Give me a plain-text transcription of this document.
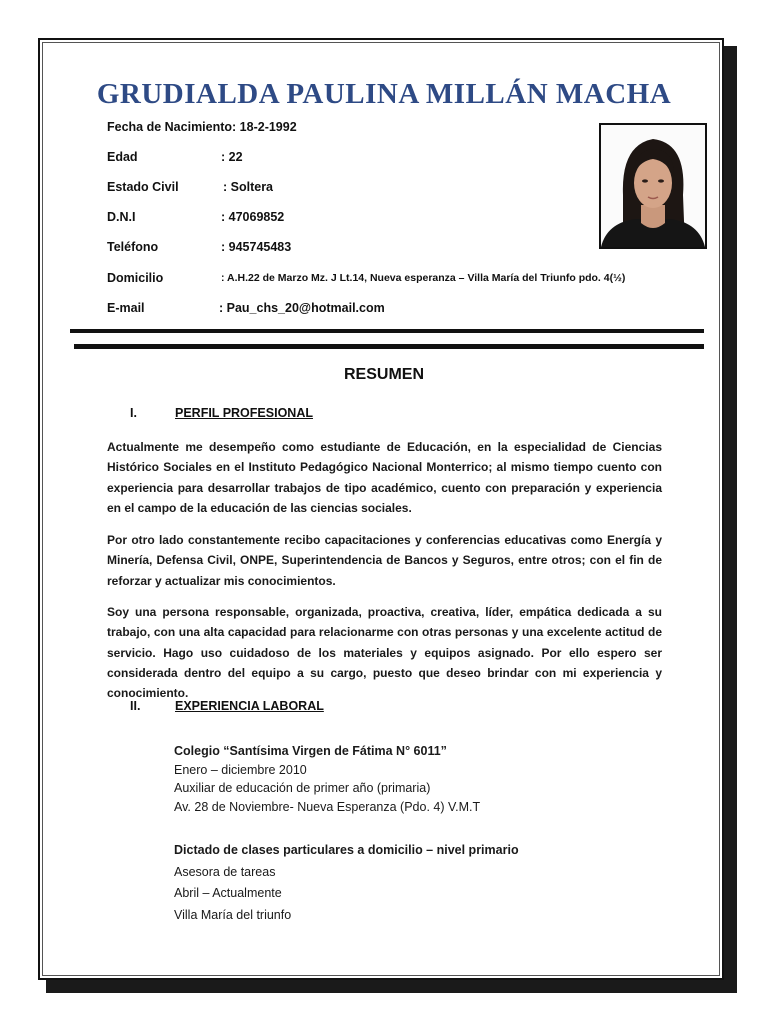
GRUDIALDA PAULINA MILLÁN MACHA
Fecha de Nacimiento: 18-2-1992
Edad	: 22
Estado Civil	: Soltera
D.N.I	: 47069852
Teléfono	: 945745483
Domicilio	: A.H.22 de Marzo Mz. J Lt.14, Nueva esperanza – Villa María del Triunfo pdo. 4(½)
E-mail	: Pau_chs_20@hotmail.com
RESUMEN
I.	PERFIL PROFESIONAL

Actualmente me desempeño como estudiante de Educación, en la especialidad de Ciencias Histórico Sociales en el Instituto Pedagógico Nacional Monterrico; al mismo tiempo cuento con experiencia para desarrollar trabajos de tipo académico, cuento con preparación y experiencia en el campo de la educación de las ciencias sociales.

Por otro lado constantemente recibo capacitaciones y conferencias educativas como Energía y Minería, Defensa Civil, ONPE, Superintendencia de Bancos y Seguros, entre otros; con el fin de reforzar y actualizar mis conocimientos.

Soy una persona responsable, organizada, proactiva, creativa, líder, empática dedicada a su trabajo, con una alta capacidad para relacionarme con otras personas y una excelente actitud de servicio. Hago uso cuidadoso de los materiales y equipos asignado. Por ello espero ser considerada dentro del equipo a su cargo, puesto que deseo brindar con mi experiencia y conocimiento.

II.	EXPERIENCIA LABORAL
Colegio “Santísima Virgen de Fátima N° 6011”
Enero – diciembre 2010
Auxiliar de educación de primer año (primaria)
Av. 28 de Noviembre- Nueva Esperanza (Pdo. 4) V.M.T
Dictado de clases particulares a domicilio – nivel primario
Asesora de tareas
Abril – Actualmente
Villa María del triunfo
